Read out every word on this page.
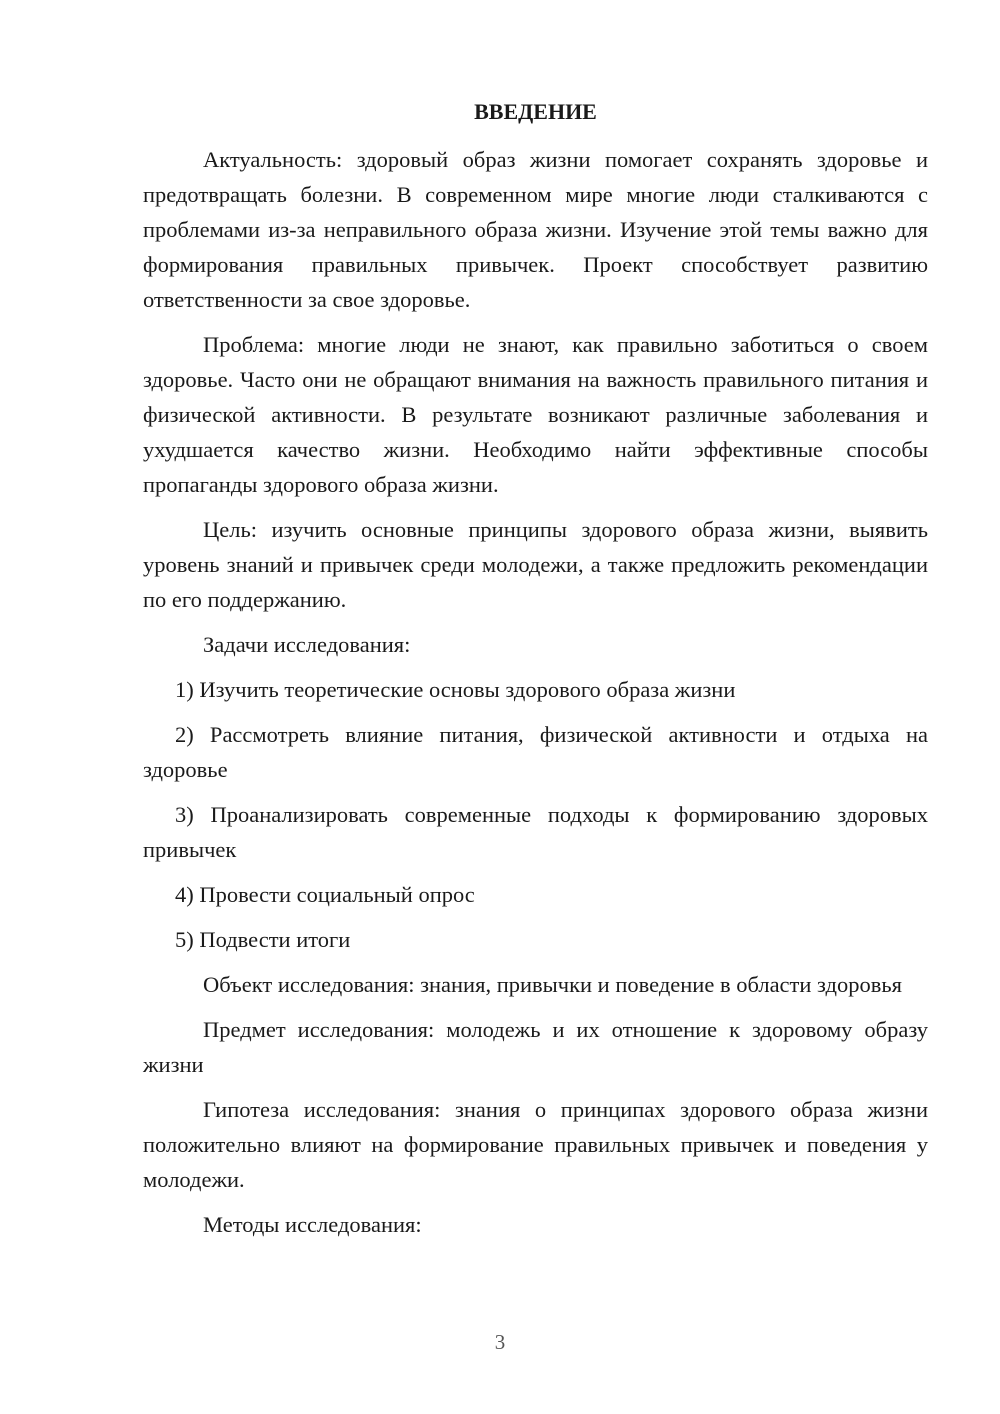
ВВЕДЕНИЕ

Актуальность: здоровый образ жизни помогает сохранять здоровье и предотвращать болезни. В современном мире многие люди сталкиваются с проблемами из-за неправильного образа жизни. Изучение этой темы важно для формирования правильных привычек. Проект способствует развитию ответственности за свое здоровье.

Проблема: многие люди не знают, как правильно заботиться о своем здоровье. Часто они не обращают внимания на важность правильного питания и физической активности. В результате возникают различные заболевания и ухудшается качество жизни. Необходимо найти эффективные способы пропаганды здорового образа жизни.

Цель: изучить основные принципы здорового образа жизни, выявить уровень знаний и привычек среди молодежи, а также предложить рекомендации по его поддержанию.

Задачи исследования:

1) Изучить теоретические основы здорового образа жизни

2) Рассмотреть влияние питания, физической активности и отдыха на здоровье

3) Проанализировать современные подходы к формированию здоровых привычек

4) Провести социальный опрос

5) Подвести итоги

Объект исследования: знания, привычки и поведение в области здоровья

Предмет исследования: молодежь и их отношение к здоровому образу жизни

Гипотеза исследования: знания о принципах здорового образа жизни положительно влияют на формирование правильных привычек и поведения у молодежи.

Методы исследования:

3
